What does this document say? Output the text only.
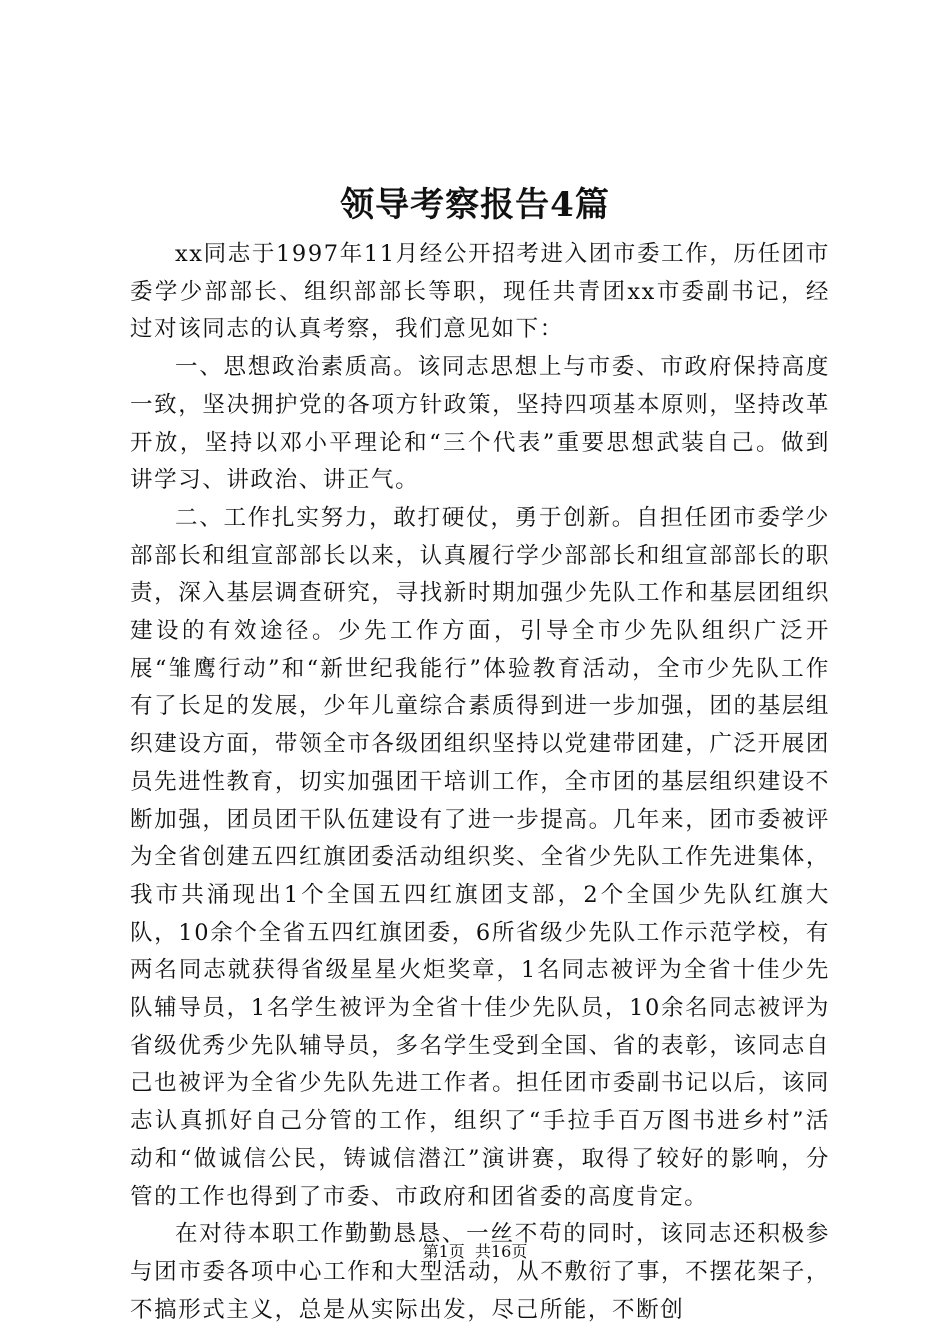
领导考察报告4篇

xx同志于1997年11月经公开招考进入团市委工作，历任团市委学少部部长、组织部部长等职，现任共青团xx市委副书记，经过对该同志的认真考察，我们意见如下：

一、思想政治素质高。该同志思想上与市委、市政府保持高度一致，坚决拥护党的各项方针政策，坚持四项基本原则，坚持改革开放，坚持以邓小平理论和“三个代表”重要思想武装自己。做到讲学习、讲政治、讲正气。

二、工作扎实努力，敢打硬仗，勇于创新。自担任团市委学少部部长和组宣部部长以来，认真履行学少部部长和组宣部部长的职责，深入基层调查研究，寻找新时期加强少先队工作和基层团组织建设的有效途径。少先工作方面，引导全市少先队组织广泛开展“雏鹰行动”和“新世纪我能行”体验教育活动，全市少先队工作有了长足的发展，少年儿童综合素质得到进一步加强，团的基层组织建设方面，带领全市各级团组织坚持以党建带团建，广泛开展团员先进性教育，切实加强团干培训工作，全市团的基层组织建设不断加强，团员团干队伍建设有了进一步提高。几年来，团市委被评为全省创建五四红旗团委活动组织奖、全省少先队工作先进集体，我市共涌现出1个全国五四红旗团支部，2个全国少先队红旗大队，10余个全省五四红旗团委，6所省级少先队工作示范学校，有两名同志就获得省级星星火炬奖章，1名同志被评为全省十佳少先队辅导员，1名学生被评为全省十佳少先队员，10余名同志被评为省级优秀少先队辅导员，多名学生受到全国、省的表彰，该同志自己也被评为全省少先队先进工作者。担任团市委副书记以后，该同志认真抓好自己分管的工作，组织了“手拉手百万图书进乡村”活动和“做诚信公民，铸诚信潜江”演讲赛，取得了较好的影响，分管的工作也得到了市委、市政府和团省委的高度肯定。

在对待本职工作勤勤恳恳、一丝不苟的同时，该同志还积极参与团市委各项中心工作和大型活动，从不敷衍了事，不摆花架子，不搞形式主义，总是从实际出发，尽己所能，不断创

第1页 共16页
